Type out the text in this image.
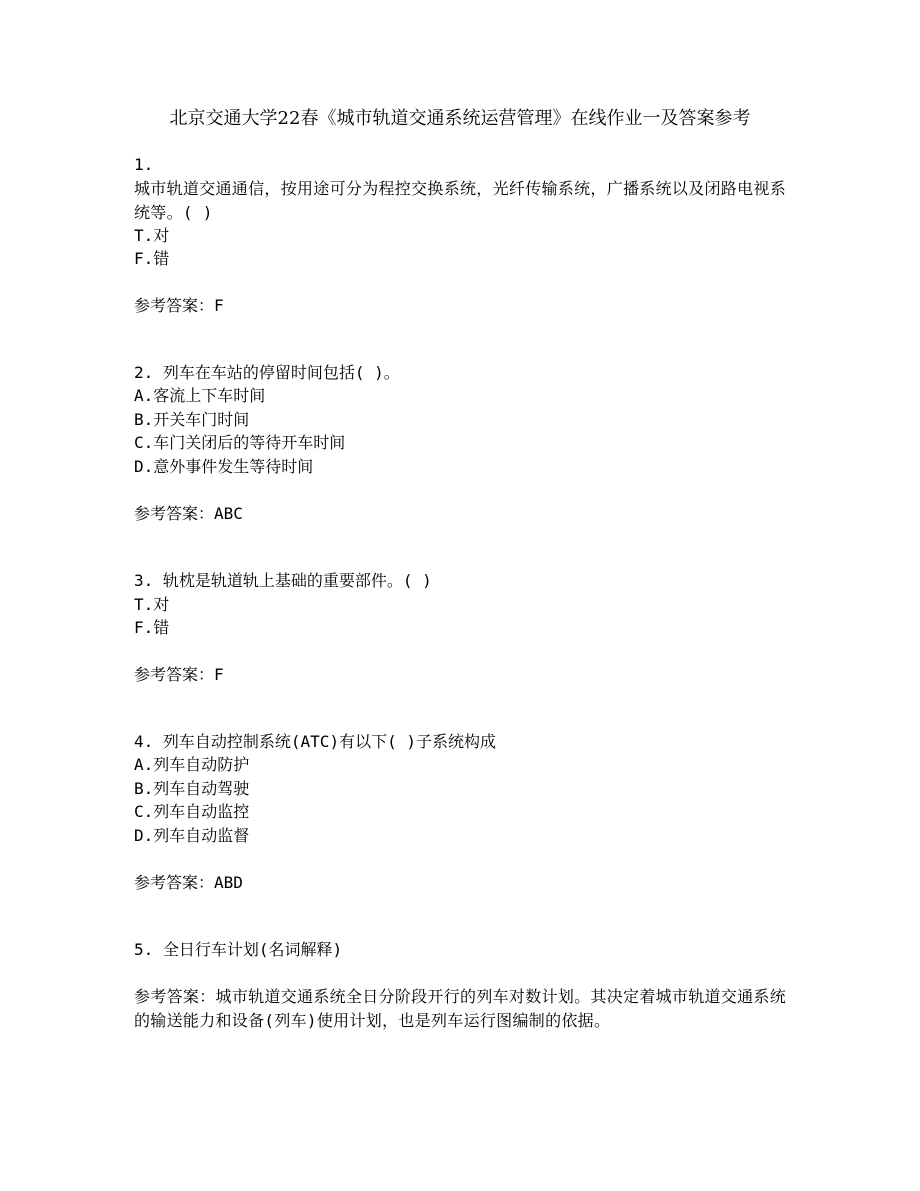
北京交通大学22春《城市轨道交通系统运营管理》在线作业一及答案参考
1.
城市轨道交通通信，按用途可分为程控交换系统，光纤传输系统，广播系统以及闭路电视系统等。( )
T.对
F.错
参考答案：F
2. 列车在车站的停留时间包括( )。
A.客流上下车时间
B.开关车门时间
C.车门关闭后的等待开车时间
D.意外事件发生等待时间
参考答案：ABC
3. 轨枕是轨道轨上基础的重要部件。( )
T.对
F.错
参考答案：F
4. 列车自动控制系统(ATC)有以下( )子系统构成
A.列车自动防护
B.列车自动驾驶
C.列车自动监控
D.列车自动监督
参考答案：ABD
5. 全日行车计划(名词解释)
参考答案：城市轨道交通系统全日分阶段开行的列车对数计划。其决定着城市轨道交通系统的输送能力和设备(列车)使用计划，也是列车运行图编制的依据。
